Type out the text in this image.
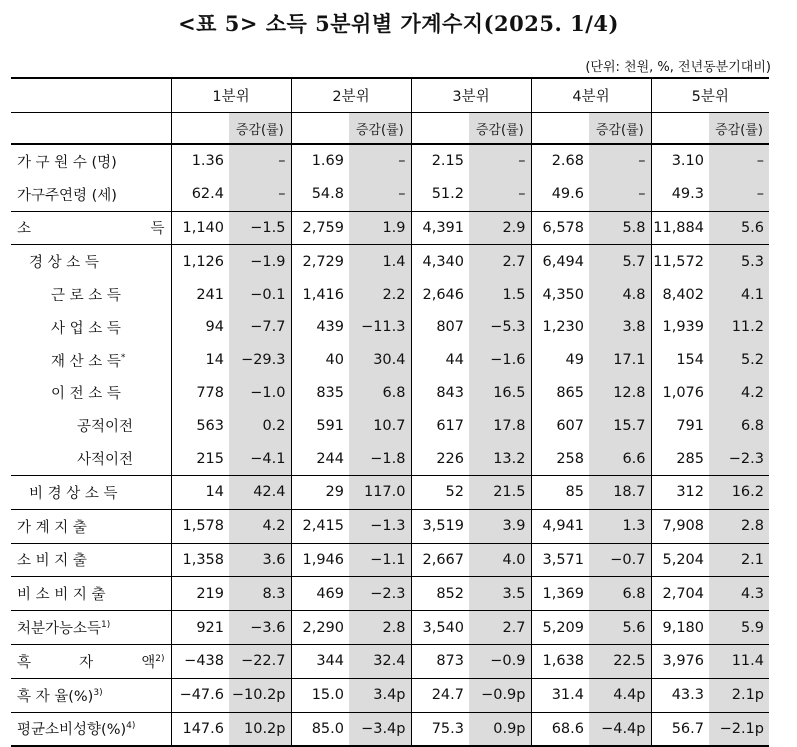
<표 5> 소득 5분위별 가계수지(2025. 1/4)
(단위: 천원, %, 전년동분기대비)
	1분위		2분위		3분위		4분위		5분위	
		증감(률)		증감(률)		증감(률)		증감(률)		증감(률)
가 구 원 수 (명)	1.36	–	1.69	–	2.15	–	2.68	–	3.10	–
가구주연령 (세)	62.4	–	54.8	–	51.2	–	49.6	–	49.3	–

소 득	1,140	−1.5	2,759	1.9	4,391	2.9	6,578	5.8	11,884	5.6
경 상 소 득	1,126	−1.9	2,729	1.4	4,340	2.7	6,494	5.7	11,572	5.3
근 로 소 득	241	−0.1	1,416	2.2	2,646	1.5	4,350	4.8	8,402	4.1
사 업 소 득	94	−7.7	439	−11.3	807	−5.3	1,230	3.8	1,939	11.2
재 산 소 득*	14	−29.3	40	30.4	44	−1.6	49	17.1	154	5.2
이 전 소 득	778	−1.0	835	6.8	843	16.5	865	12.8	1,076	4.2
공적이전	563	0.2	591	10.7	617	17.8	607	15.7	791	6.8
사적이전	215	−4.1	244	−1.8	226	13.2	258	6.6	285	−2.3
비 경 상 소 득	14	42.4	29	117.0	52	21.5	85	18.7	312	16.2
가 계 지 출	1,578	4.2	2,415	−1.3	3,519	3.9	4,941	1.3	7,908	2.8
소 비 지 출	1,358	3.6	1,946	−1.1	2,667	4.0	3,571	−0.7	5,204	2.1
비 소 비 지 출	219	8.3	469	−2.3	852	3.5	1,369	6.8	2,704	4.3
처분가능소득$^{1)}$	921	−3.6	2,290	2.8	3,540	2.7	5,209	5.6	9,180	5.9

흑 자 액$^{2)}$	−438	−22.7	344	32.4	873	−0.9	1,638	22.5	3,976	11.4
흑 자 율(%)$^{3)}$	−47.6	−10.2p	15.0	3.4p	24.7	−0.9p	31.4	4.4p	43.3	2.1p
평균소비성향(%)$^{4)}$	147.6	10.2p	85.0	−3.4p	75.3	0.9p	68.6	−4.4p	56.7	−2.1p
